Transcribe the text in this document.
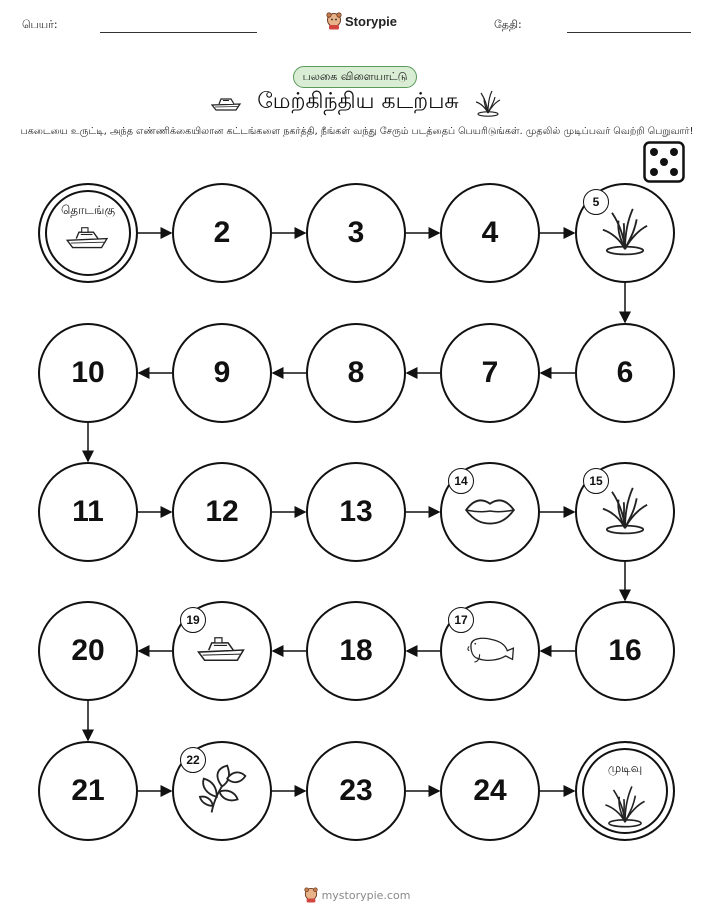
பெயர்:	Storypie	தேதி:
பலகை விளையாட்டு
மேற்கிந்திய கடற்பசு
பகடையை உருட்டி, அந்த எண்ணிக்கையிலான கட்டங்களை நகர்த்தி, நீங்கள் வந்து சேரும் படத்தைப் பெயரிடுங்கள். முதலில் முடிப்பவர் வெற்றி பெறுவார்!
தொடங்கு
2	3	4
5
6
7
8
9
10
11	12	13
14	15
16
17
18
19
20
21
22
23	24
முடிவு
mystorypie.com
